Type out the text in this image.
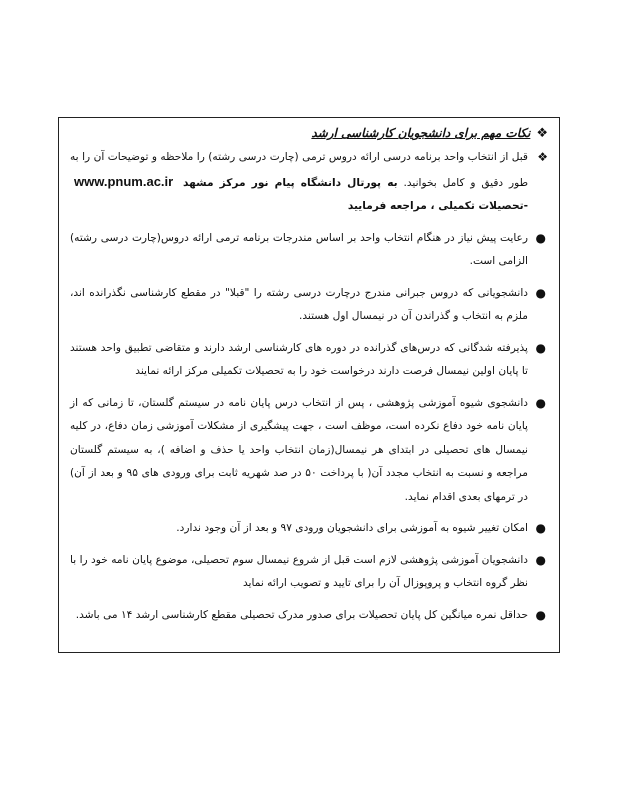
❖
نکات مهم برای دانشجویان کارشناسی ارشد
❖
قبل از انتخاب واحد برنامه درسی ارائه دروس ترمی (چارت درسی رشته) را ملاحظه و توضیحات آن را به طور دقیق و کامل بخوانید. به پورتال دانشگاه پیام نور مرکز مشهد www.pnum.ac.ir -تحصیلات تکمیلی ، مراجعه فرمایید
●
رعایت پیش نیاز در هنگام انتخاب واحد بر اساس مندرجات برنامه ترمی ارائه دروس(چارت درسی رشته) الزامی است.
●
دانشجویانی که دروس جبرانی مندرج درچارت درسی رشته را "قبلا" در مقطع کارشناسی نگذرانده اند، ملزم به انتخاب و گذراندن آن در نیمسال اول هستند.
●
پذیرفته شدگانی که درس‌های گذرانده در دوره های کارشناسی ارشد دارند و متقاضی تطبیق واحد هستند تا پایان اولین نیمسال فرصت دارند درخواست خود را به تحصیلات تکمیلی مرکز ارائه نمایند
●
دانشجوی شیوه آموزشی پژوهشی ، پس از انتخاب درس پایان نامه در سیستم گلستان، تا زمانی که از پایان نامه خود دفاع نکرده است، موظف است ، جهت پیشگیری از مشکلات آموزشی زمان دفاع، در کلیه نیمسال های تحصیلی در ابتدای هر نیمسال(زمان انتخاب واحد یا حذف و اضافه )، به سیستم گلستان مراجعه و نسبت به انتخاب مجدد آن( با پرداخت ۵۰ در صد شهریه ثابت برای ورودی های ۹۵ و بعد از آن) در ترمهای بعدی اقدام نماید.
●
امکان تغییر شیوه به آموزشی برای دانشجویان ورودی ۹۷ و بعد از آن وجود ندارد.
●
دانشجویان آموزشی پژوهشی لازم است قبل از شروع نیمسال سوم تحصیلی، موضوع پایان نامه خود را با نظر گروه انتخاب و پروپوزال آن را برای تایید و تصویب ارائه نماید
●
حداقل نمره میانگین کل پایان تحصیلات برای صدور مدرک تحصیلی مقطع کارشناسی ارشد ۱۴ می باشد.
